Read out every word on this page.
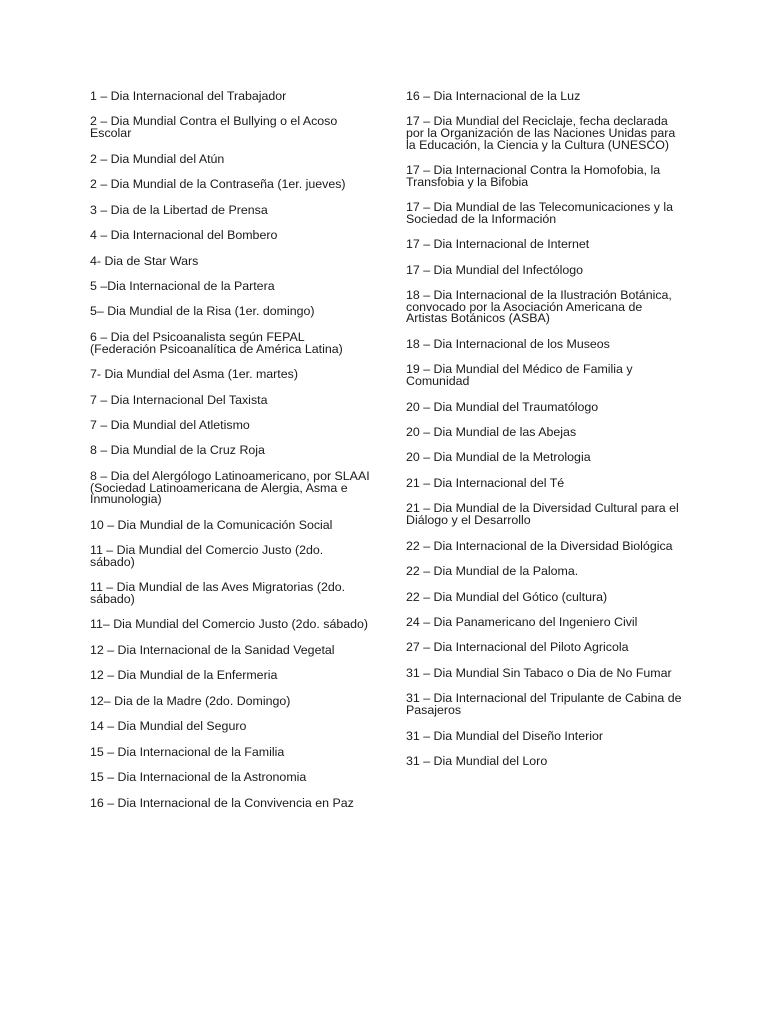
1 – Dia Internacional del Trabajador
2 – Dia Mundial Contra el Bullying o el Acoso Escolar
2 – Dia Mundial del Atún
2 – Dia Mundial de la Contraseña (1er. jueves)
3 – Dia de la Libertad de Prensa
4 – Dia Internacional del Bombero
4- Dia de Star Wars
5 –Dia Internacional de la Partera
5– Dia Mundial de la Risa (1er. domingo)
6 – Dia del Psicoanalista según FEPAL (Federación Psicoanalítica de América Latina)
7- Dia Mundial del Asma (1er. martes)
7 – Dia Internacional Del Taxista
7 – Dia Mundial del Atletismo
8 – Dia Mundial de la Cruz Roja
8 – Dia del Alergólogo Latinoamericano, por SLAAI (Sociedad Latinoamericana de Alergia, Asma e Inmunologia)
10 – Dia Mundial de la Comunicación Social
11 – Dia Mundial del Comercio Justo (2do. sábado)
11 – Dia Mundial de las Aves Migratorias (2do. sábado)
11– Dia Mundial del Comercio Justo (2do. sábado)
12 – Dia Internacional de la Sanidad Vegetal
12 – Dia Mundial de la Enfermeria
12– Dia de la Madre (2do. Domingo)
14 – Dia Mundial del Seguro
15 – Dia Internacional de la Familia
15 – Dia Internacional de la Astronomia
16 – Dia Internacional de la Convivencia en Paz
16 – Dia Internacional de la Luz
17 – Dia Mundial del Reciclaje, fecha declarada por la Organización de las Naciones Unidas para la Educación, la Ciencia y la Cultura (UNESCO)
17 – Dia Internacional Contra la Homofobia, la Transfobia y la Bifobia
17 – Dia Mundial de las Telecomunicaciones y la Sociedad de la Información
17 – Dia Internacional de Internet
17 – Dia Mundial del Infectólogo
18 – Dia Internacional de la Ilustración Botánica, convocado por la Asociación Americana de Artistas Botánicos (ASBA)
18 – Dia Internacional de los Museos
19 – Dia Mundial del Médico de Familia y Comunidad
20 – Dia Mundial del Traumatólogo
20 – Dia Mundial de las Abejas
20 – Dia Mundial de la Metrologia
21 – Dia Internacional del Té
21 – Dia Mundial de la Diversidad Cultural para el Diálogo y el Desarrollo
22 – Dia Internacional de la Diversidad Biológica
22 – Dia Mundial de la Paloma.
22 – Dia Mundial del Gótico (cultura)
24 – Dia Panamericano del Ingeniero Civil
27 – Dia Internacional del Piloto Agricola
31 – Dia Mundial Sin Tabaco o Dia de No Fumar
31 – Dia Internacional del Tripulante de Cabina de Pasajeros
31 – Dia Mundial del Diseño Interior
31 – Dia Mundial del Loro
